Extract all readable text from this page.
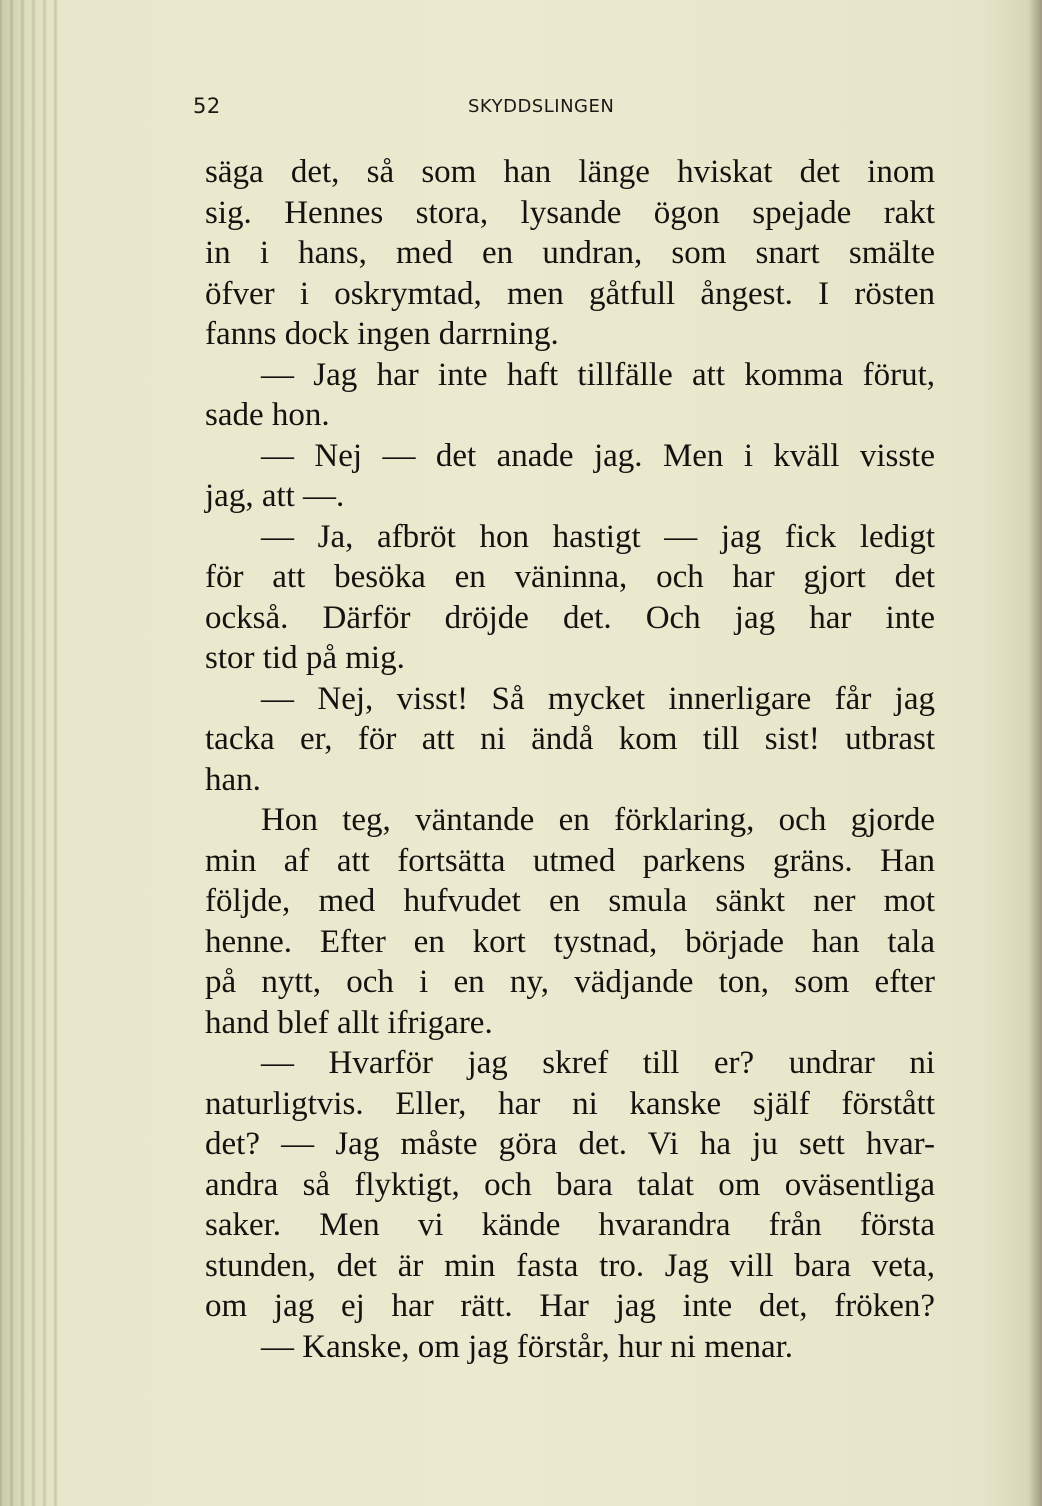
52	SKYDDSLINGEN
säga det, så som han länge hviskat det inom
sig. Hennes stora, lysande ögon spejade rakt
in i hans, med en undran, som snart smälte
öfver i oskrymtad, men gåtfull ångest. I rösten
fanns dock ingen darrning.
— Jag har inte haft tillfälle att komma förut,
sade hon.
— Nej — det anade jag. Men i kväll visste
jag, att —.
— Ja, afbröt hon hastigt — jag fick ledigt
för att besöka en väninna, och har gjort det
också. Därför dröjde det. Och jag har inte
stor tid på mig.
— Nej, visst! Så mycket innerligare får jag
tacka er, för att ni ändå kom till sist! utbrast
han.
Hon teg, väntande en förklaring, och gjorde
min af att fortsätta utmed parkens gräns. Han
följde, med hufvudet en smula sänkt ner mot
henne. Efter en kort tystnad, började han tala
på nytt, och i en ny, vädjande ton, som efter
hand blef allt ifrigare.
— Hvarför jag skref till er? undrar ni
naturligtvis. Eller, har ni kanske själf förstått
det? — Jag måste göra det. Vi ha ju sett hvar-
andra så flyktigt, och bara talat om oväsentliga
saker. Men vi kände hvarandra från första
stunden, det är min fasta tro. Jag vill bara veta,
om jag ej har rätt. Har jag inte det, fröken?
— Kanske, om jag förstår, hur ni menar.
